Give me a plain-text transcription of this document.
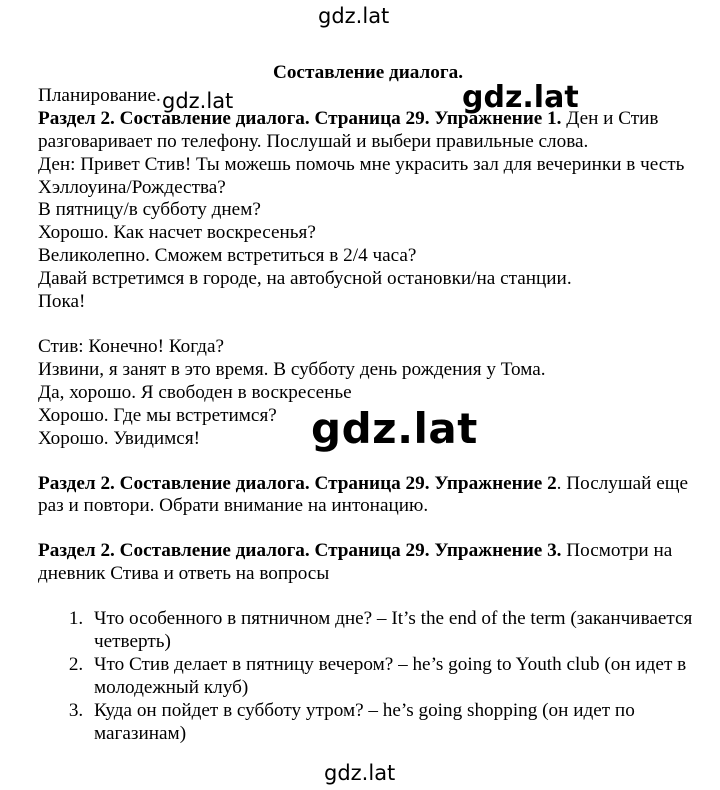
Составление диалога.

Планирование.

Раздел 2. Составление диалога. Страница 29. Упражнение 1. Ден и Стив разговаривает по телефону. Послушай и выбери правильные слова.

Ден: Привет Стив! Ты можешь помочь мне украсить зал для вечеринки в честь Хэллоуина/Рождества?

В пятницу/в субботу днем?

Хорошо. Как насчет воскресенья?

Великолепно. Сможем встретиться в 2/4 часа?

Давай встретимся в городе, на автобусной остановки/на станции.

Пока!

Стив: Конечно! Когда?

Извини, я занят в это время. В субботу день рождения у Тома.

Да, хорошо. Я свободен в воскресенье

Хорошо. Где мы встретимся?

Хорошо. Увидимся!

Раздел 2. Составление диалога. Страница 29. Упражнение 2. Послушай еще раз и повтори. Обрати внимание на интонацию.

Раздел 2. Составление диалога. Страница 29. Упражнение 3. Посмотри на дневник Стива и ответь на вопросы

1. Что особенного в пятничном дне? – It’s the end of the term (заканчивается четверть)
2. Что Стив делает в пятницу вечером? – he’s going to Youth club (он идет в молодежный клуб)
3. Куда он пойдет в субботу утром? – he’s going shopping (он идет по магазинам)
gdz.lat
gdz.lat	gdz.lat
gdz.lat
gdz.lat
